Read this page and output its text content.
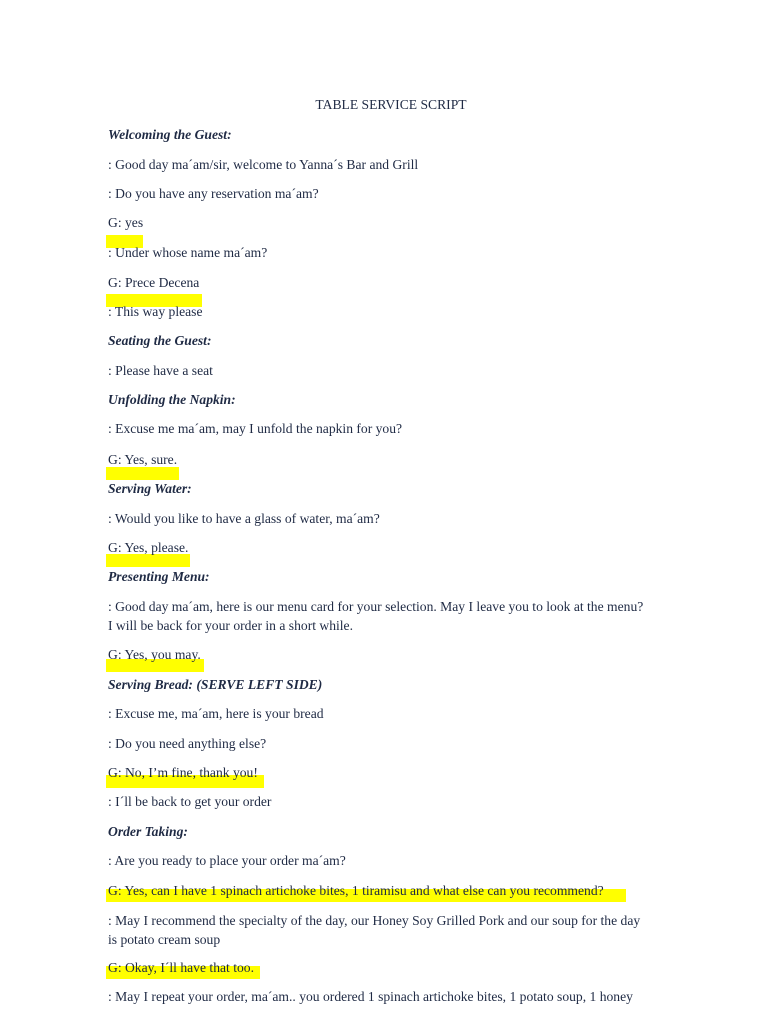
TABLE SERVICE SCRIPT
Welcoming the Guest:
: Good day ma´am/sir, welcome to Yanna´s Bar and Grill
: Do you have any reservation ma´am?
G: yes
: Under whose name ma´am?
G: Prece Decena
: This way please
Seating the Guest:
: Please have a seat
Unfolding the Napkin:
: Excuse me ma´am, may I unfold the napkin for you?
G: Yes, sure.
Serving Water:
: Would you like to have a glass of water, ma´am?
G: Yes, please.
Presenting Menu:
: Good day ma´am, here is our menu card for your selection. May I leave you to look at the menu? I will be back for your order in a short while.
G: Yes, you may.
Serving Bread: (SERVE LEFT SIDE)
: Excuse me, ma´am, here is your bread
: Do you need anything else?
G: No, I’m fine, thank you!
: I´ll be back to get your order
Order Taking:
: Are you ready to place your order ma´am?
G: Yes, can I have 1 spinach artichoke bites, 1 tiramisu and what else can you recommend?
: May I recommend the specialty of the day, our Honey Soy Grilled Pork and our soup for the day is potato cream soup
G: Okay, I´ll have that too.
: May I repeat your order, ma´am.. you ordered 1 spinach artichoke bites, 1 potato soup, 1 honey
